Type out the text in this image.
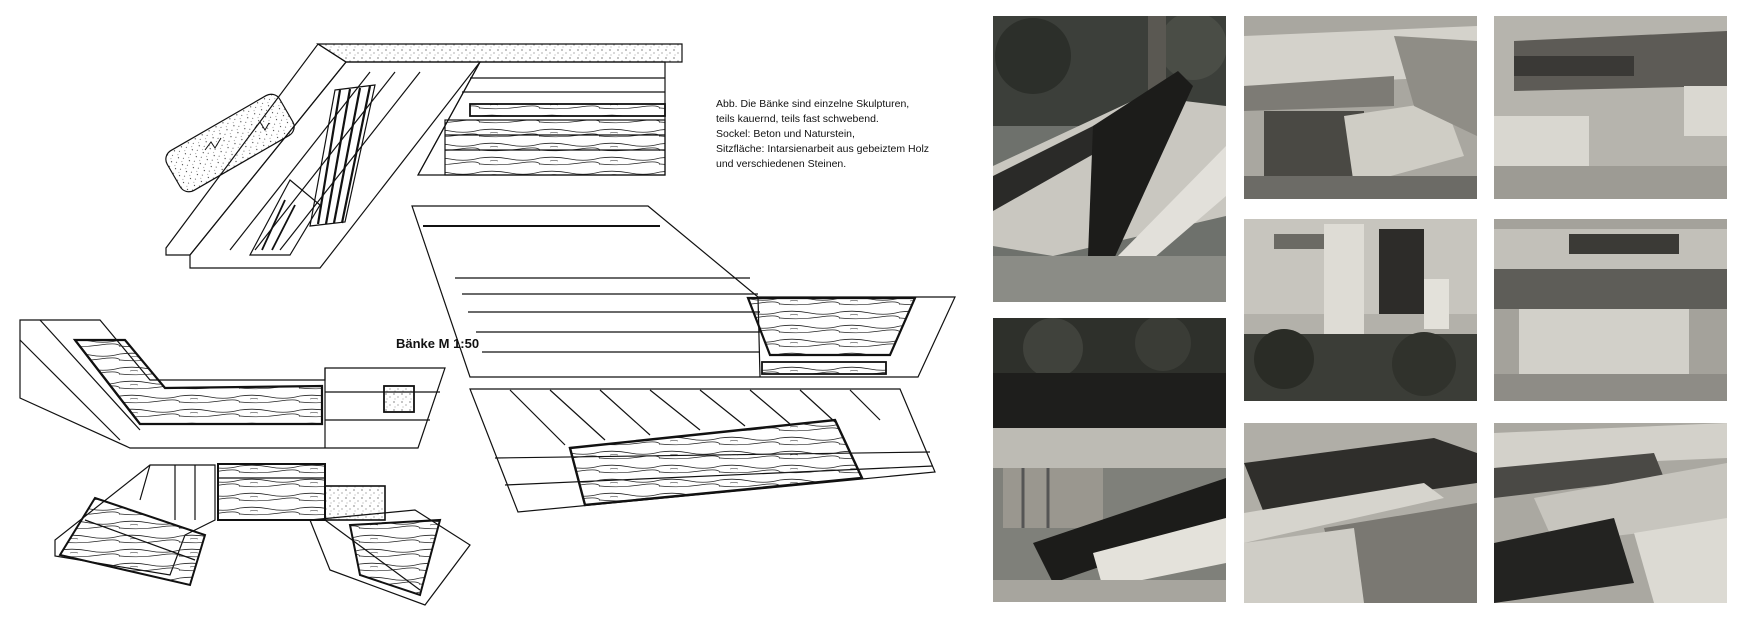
Abb. Die Bänke sind einzelne Skulpturen,
teils kauernd, teils fast schwebend.
Sockel: Beton und Naturstein,
Sitzfläche: Intarsienarbeit aus gebeiztem Holz
und verschiedenen Steinen.
Bänke M 1:50
